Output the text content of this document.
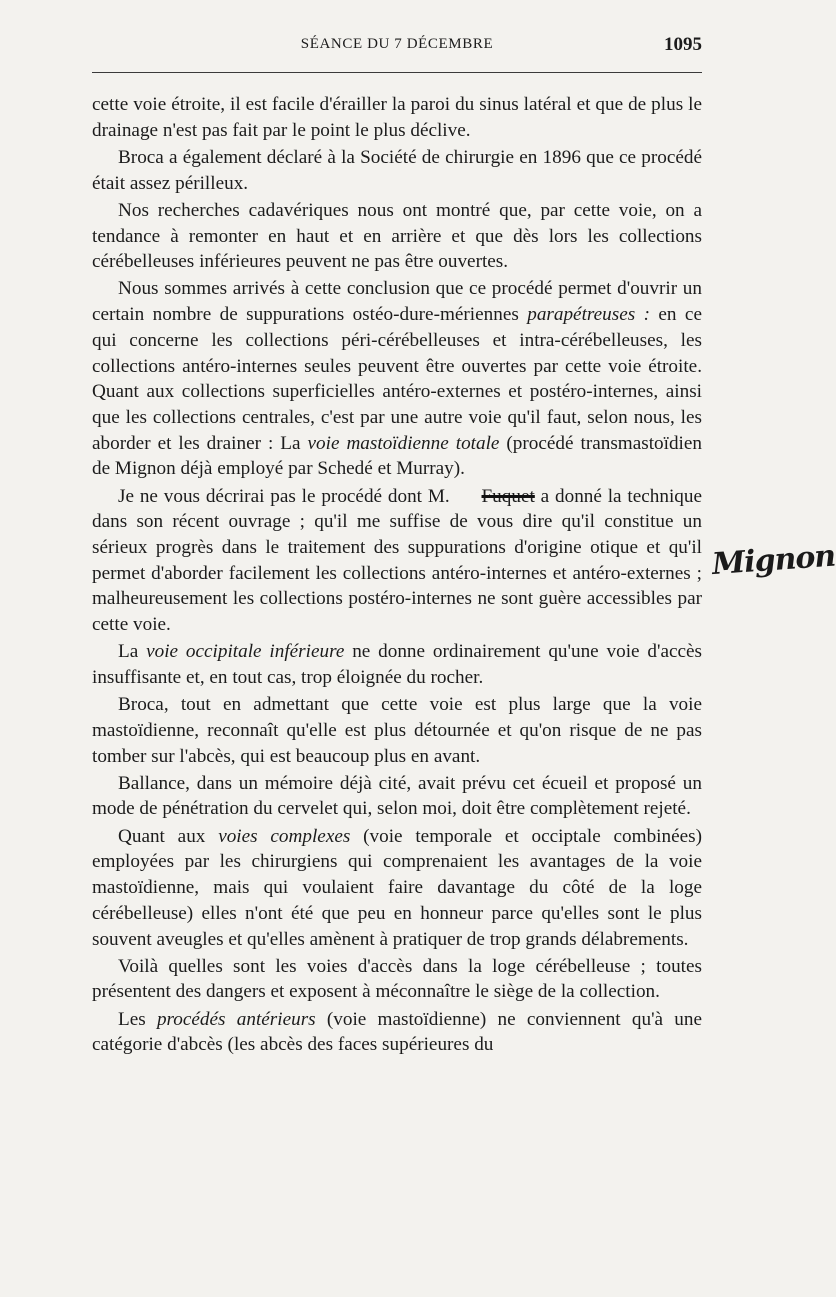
SÉANCE DU 7 DÉCEMBRE	1095

cette voie étroite, il est facile d'érailler la paroi du sinus latéral et que de plus le drainage n'est pas fait par le point le plus déclive.

Broca a également déclaré à la Société de chirurgie en 1896 que ce procédé était assez périlleux.

Nos recherches cadavériques nous ont montré que, par cette voie, on a tendance à remonter en haut et en arrière et que dès lors les collections cérébelleuses inférieures peuvent ne pas être ouvertes.

Nous sommes arrivés à cette conclusion que ce procédé permet d'ouvrir un certain nombre de suppurations ostéo-dure-mériennes parapétreuses : en ce qui concerne les collections péri-cérébelleuses et intra-cérébelleuses, les collections antéro-internes seules peuvent être ouvertes par cette voie étroite. Quant aux collections superficielles antéro-externes et postéro-internes, ainsi que les collections centrales, c'est par une autre voie qu'il faut, selon nous, les aborder et les drainer : La voie mastoïdienne totale (procédé transmastoïdien de Mignon déjà employé par Schedé et Murray).

Je ne vous décrirai pas le procédé dont M. Fuquet a donné la technique dans son récent ouvrage ; qu'il me suffise de vous dire qu'il constitue un sérieux progrès dans le traitement des suppurations d'origine otique et qu'il permet d'aborder facilement les collections antéro-internes et antéro-externes ; malheureusement les collections postéro-internes ne sont guère accessibles par cette voie.

La voie occipitale inférieure ne donne ordinairement qu'une voie d'accès insuffisante et, en tout cas, trop éloignée du rocher.

Broca, tout en admettant que cette voie est plus large que la voie mastoïdienne, reconnaît qu'elle est plus détournée et qu'on risque de ne pas tomber sur l'abcès, qui est beaucoup plus en avant.

Ballance, dans un mémoire déjà cité, avait prévu cet écueil et proposé un mode de pénétration du cervelet qui, selon moi, doit être complètement rejeté.

Quant aux voies complexes (voie temporale et occiptale combinées) employées par les chirurgiens qui comprenaient les avantages de la voie mastoïdienne, mais qui voulaient faire davantage du côté de la loge cérébelleuse) elles n'ont été que peu en honneur parce qu'elles sont le plus souvent aveugles et qu'elles amènent à pratiquer de trop grands délabrements.

Voilà quelles sont les voies d'accès dans la loge cérébelleuse ; toutes présentent des dangers et exposent à méconnaître le siège de la collection.

Les procédés antérieurs (voie mastoïdienne) ne conviennent qu'à une catégorie d'abcès (les abcès des faces supérieures du

Mignon
